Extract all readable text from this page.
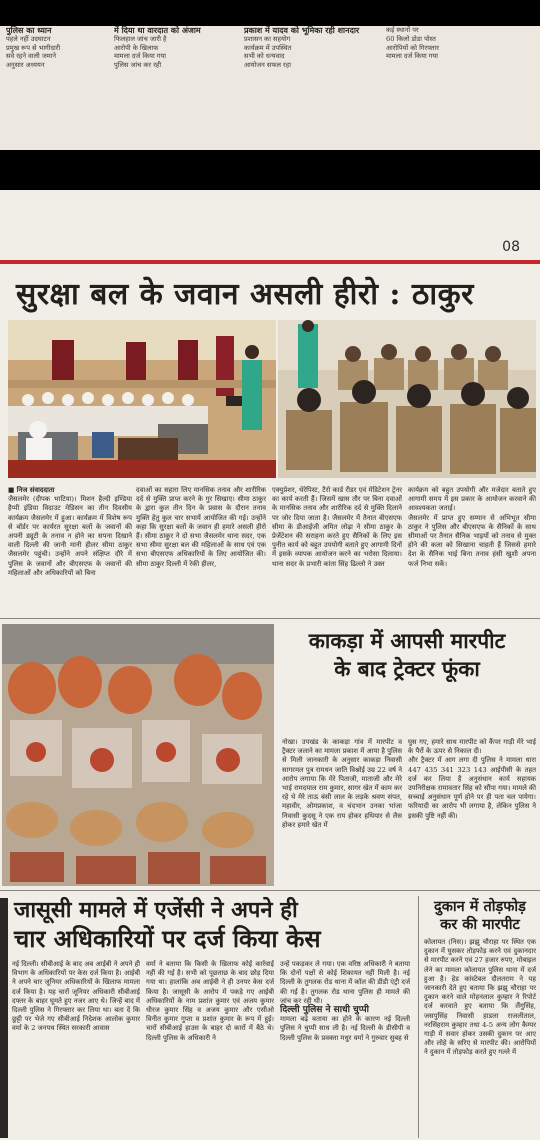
पुलिस का ध्यान
पहले नहीं उदघाटन
प्रमुख रूप से भागीदारी
सवे रहने वाली जमाने
अनुसार अध्ययन
में दिया था वारदात को अंजाम
फिलहाल जांच जारी है
आरोपी के खिलाफ
मामला दर्ज किया गया
पुलिस जांच कर रही
प्रकाश में यादव को भूमिका रही शानदार
प्रशासन का सहयोग
कार्यक्रम में उपस्थित
सभी को धन्यवाद
आयोजन सफल रहा
कई स्थानों पर
60 किलो डोडा पोस्त
आरोपियों को गिरफ्तार
मामला दर्ज किया गया
08
सुरक्षा बल के जवान असली हीरो : ठाकुर
■ निज संवाददाता
जैसलमेर (दीपक भाटिया)। मिशन हैल्दी इण्डिया हैप्पी इंडिया विदाउट मेडिसन का तीन दिवसीय कार्यक्रम जैसलमेर में हुआ। कार्यक्रम में विशेष रूप से बॉर्डर पर कार्यरत सुरक्षा बलों के जवानों की अपनी ड्यूटी के तनाव न होने का सपना दिखाने वाली दिल्ली की जानी मानी हीलर सीमा ठाकुर जैसलमेर पहुंची। उन्होंने अपने संक्षिप्त दौरे में पुलिस के जवानों और बीएसएफ के जवानों की महिलाओं और अधिकारियों को बिना
दवाओं का सहारा लिए मानसिक तनाव और शारीरिक दर्द से मुक्ति प्राप्त करने के गुर सिखाए। सीमा ठाकुर के द्वारा कुल तीन दिन के प्रवास के दौरान तनाव मुक्ति हेतु कुल चार सभायें आयोजित की गई। उन्होंने कहा कि सुरक्षा बलों के जवान ही हमारे असली हीरो हैं। सीमा ठाकुर ने दो सभा जैसलमेर थाना सदर, एक सभा सीमा सुरक्षा बल की महिलाओं के साथ एवं एक सभा बीएसएफ अधिकारियों के लिए आयोजित की। सीमा ठाकुर दिल्ली में रेकी हीलर,
एक्युप्रेशर, थेरेपिस्ट, टैरो कार्ड रीडर एवं मेडिटेशन ट्रेनर का कार्य करती हैं। जिसमें खास तौर पर बिना दवाओं के मानसिक तनाव और शारीरिक दर्द से मुक्ति दिलाने पर जोर दिया जाता है। जैसलमेर में तैनात बीएसएफ सीमा के डीआईजी अमित लोढ़ा ने सीमा ठाकुर के प्रेजेंटेशन की सराहना करते हुए सैनिकों के लिए इस पुनीत कार्य को बहुत उपयोगी बताते हुए आगामी दिनों में इसके व्यापक आयोजन करने का भरोसा दिलाया। थाना सदर के प्रभारी कांता सिंह ढिल्लो ने उक्त
कार्यक्रम को बहुत उपयोगी और मजेदार बताते हुए आगामी समय में इस प्रकार के आयोजन करवाने की आवश्यकता जताई।
जैसलमेर में प्राप्त हुए सम्मान से अभिभूत सीमा ठाकुर ने पुलिस और बीएसएफ के सैनिकों के साथ सीमाओं पर तैनात सैनिक भाइयों को तनाव से मुक्त होने की कला को सिखाना चाहती हैं जिससे हमारे देश के सैनिक भाई बिना तनाव हंसी खुशी अपना फर्ज निभा सकें।
काकड़ा में आपसी मारपीट
के बाद ट्रेक्टर फूंका
नोखा। उपखंड के काकड़ा गांव में मारपीट व ट्रैक्टर जलाने का मामला प्रकाश में आया है पुलिस से मिली जानकारी के अनुसार काकड़ा निवासी सागरमल पुत्र रामधन जाति विश्नोई उम्र 22 वर्ष ने आरोप लगाया कि मेरे पिताजी, माताजी और मेरे भाई रामदयाल राम कुमार, सागर खेत में काम कर रहे थे मेरे ताऊ बंसी लाल के लड़के श्रवण संपत, महावीर, ओमप्रकाश, व चंदभान उनका भांजा निवासी कुदसू ने एक राय होकर हथियार से लैस होकर हमारे खेत में
घुस गए, हमारे साथ मारपीट को कैंपर गाड़ी मेरे भाई के पैरों के ऊपर से निकाल दी।
और ट्रैक्टर में आग लगा दी पुलिस ने मामला धारा 447 435 341 323 143 आईपीसी के तहत दर्ज कर लिया है अनुसंधान कार्य सहायक उपनिरीक्षक रामावतार सिंह को सौंपा गया। मामले की सच्चाई अनुसंधान पूर्ण होने पर ही पता चल पायेगा। फरियादी का आरोप भी लगाया है, लेकिन पुलिस ने इसकी पुष्टि नहीं की।
जासूसी मामले में एजेंसी ने अपने ही
चार अधिकारियों पर दर्ज किया केस
नई दिल्ली। सीबीआई के बाद अब आईबी ने अपने ही विभाग के अधिकारियों पर केस दर्ज किया है। आईबी ने अपने चार जूनियर अधिकारियों के खिलाफ मामला दर्ज किया है। यह चारों जूनियर अधिकारी सीबीआई दफ्तर के बाहर घूमते हुए नजर आए थे। जिन्हें बाद में दिल्ली पुलिस ने गिरफ्तार कर लिया था। बता दें कि छुट्टी पर भेजे गए सीबीआई निदेशक आलोक कुमार वर्मा के 2 जनपथ स्थित सरकारी आवास
वर्मा ने बताया कि किसी के खिलाफ कोई कार्रवाई नहीं की गई है। सभी को पूछताछ के बाद छोड़ दिया गया था। हालांकि अब आईबी ने ही उनपर केस दर्ज किया है। जासूसी के आरोप में पकड़े गए आईबी अधिकारियों के नाम प्रशांत कुमार एवं अजय कुमार धीरज कुमार सिंह व अजय कुमार और एसीओ विनीत कुमार गुप्ता व प्रशांत कुमार के रूप में हुई। चारों सीबीआई हाउस के बाहर दो कारों में बैठे थे। दिल्ली पुलिस के अधिकारी ने
उन्हें पकड़कर ले गया। एक वरिष्ठ अधिकारी ने बताया कि दोनों पक्षों से कोई शिकायत नहीं मिली है। नई दिल्ली के तुगलक रोड थाना में कॉल की डीडी एंट्री दर्ज की गई है। तुगलक रोड थाना पुलिस ही मामले की जांच कर रही थी।
दिल्ली पुलिस ने साधी चुप्पी
मामला बढ़े बताया का होने के कारण नई दिल्ली पुलिस ने चुप्पी साध ली है। नई दिल्ली के डीसीपी व दिल्ली पुलिस के प्रवक्ता मधुर वर्मा ने गुरुवार सुबह से
दुकान में तोड़फोड़
कर की मारपीट
कोलायत (निस)। झझु चौराहा पर स्थित एक दुकान में घुसकर तोड़फोड़ करने एवं दुकानदार से मारपीट करने एवं 27 हजार रुपए, मोबाइल लेने का मामला कोलायत पुलिस थाना में दर्ज हुआ है। हेड कांस्टेबल दौलतराम ने यह जानकारी देते हुए बताया कि झझु चौराहा पर दुकान करने वाले मोहनलाल कुम्हार ने रिपोर्ट दर्ज करवाते हुए बताया कि लैंगुसिंह, जसपुसिंह निवासी हाडला राजलीताल, नरसिंहराम कुम्हार तथा 4-5 अन्य लोग कैम्पर गाड़ी में सवार होकर उसकी दुकान पर आए और लोहे के सरिए से मारपीट की। आरोपियों ने दुकान में तोड़फोड़ करते हुए गल्ले में
